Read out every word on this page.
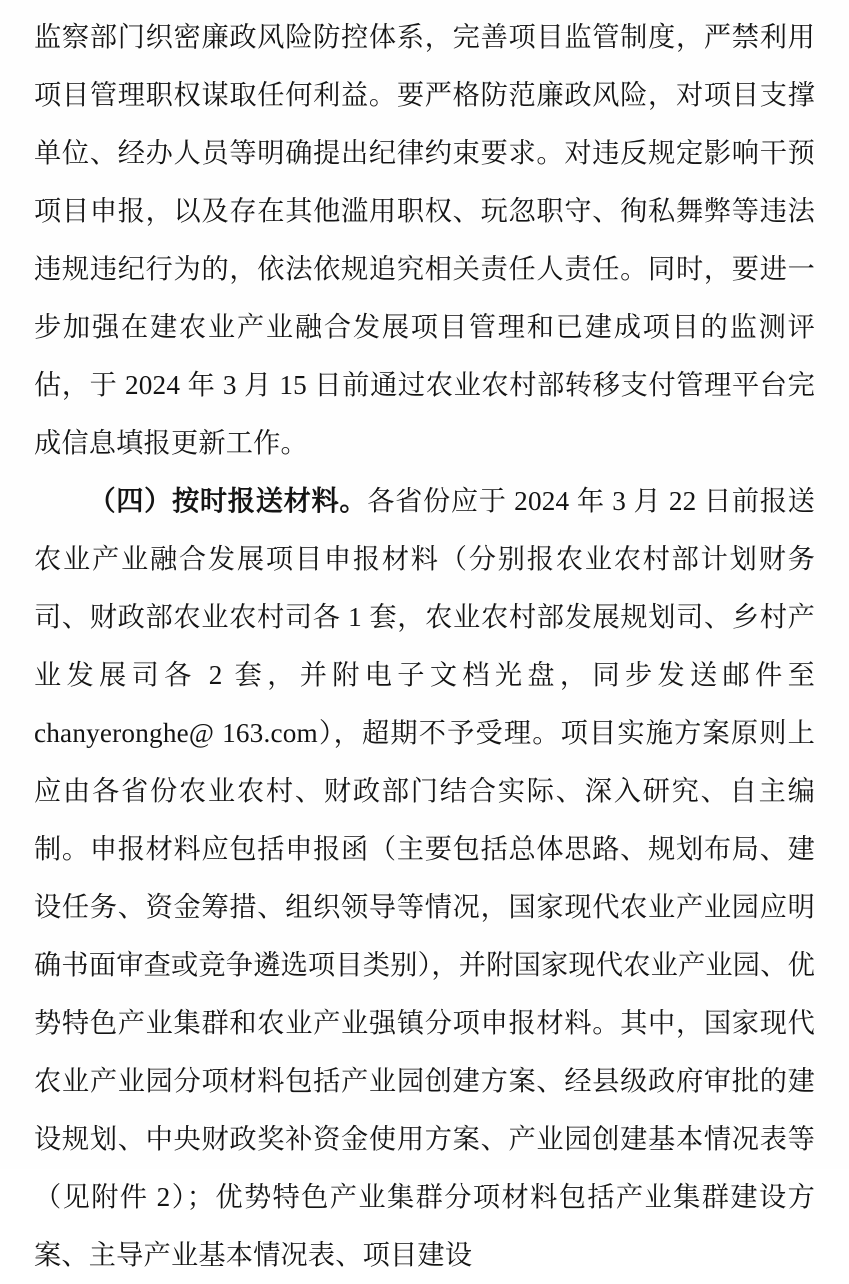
监察部门织密廉政风险防控体系，完善项目监管制度，严禁利用项目管理职权谋取任何利益。要严格防范廉政风险，对项目支撑单位、经办人员等明确提出纪律约束要求。对违反规定影响干预项目申报，以及存在其他滥用职权、玩忽职守、徇私舞弊等违法违规违纪行为的，依法依规追究相关责任人责任。同时，要进一步加强在建农业产业融合发展项目管理和已建成项目的监测评估，于 2024 年 3 月 15 日前通过农业农村部转移支付管理平台完成信息填报更新工作。

（四）按时报送材料。各省份应于 2024 年 3 月 22 日前报送农业产业融合发展项目申报材料（分别报农业农村部计划财务司、财政部农业农村司各 1 套，农业农村部发展规划司、乡村产业发展司各 2 套，并附电子文档光盘，同步发送邮件至 chanyeronghe@ 163.com），超期不予受理。项目实施方案原则上应由各省份农业农村、财政部门结合实际、深入研究、自主编制。申报材料应包括申报函（主要包括总体思路、规划布局、建设任务、资金筹措、组织领导等情况，国家现代农业产业园应明确书面审查或竞争遴选项目类别），并附国家现代农业产业园、优势特色产业集群和农业产业强镇分项申报材料。其中，国家现代农业产业园分项材料包括产业园创建方案、经县级政府审批的建设规划、中央财政奖补资金使用方案、产业园创建基本情况表等（见附件 2）；优势特色产业集群分项材料包括产业集群建设方案、主导产业基本情况表、项目建设
